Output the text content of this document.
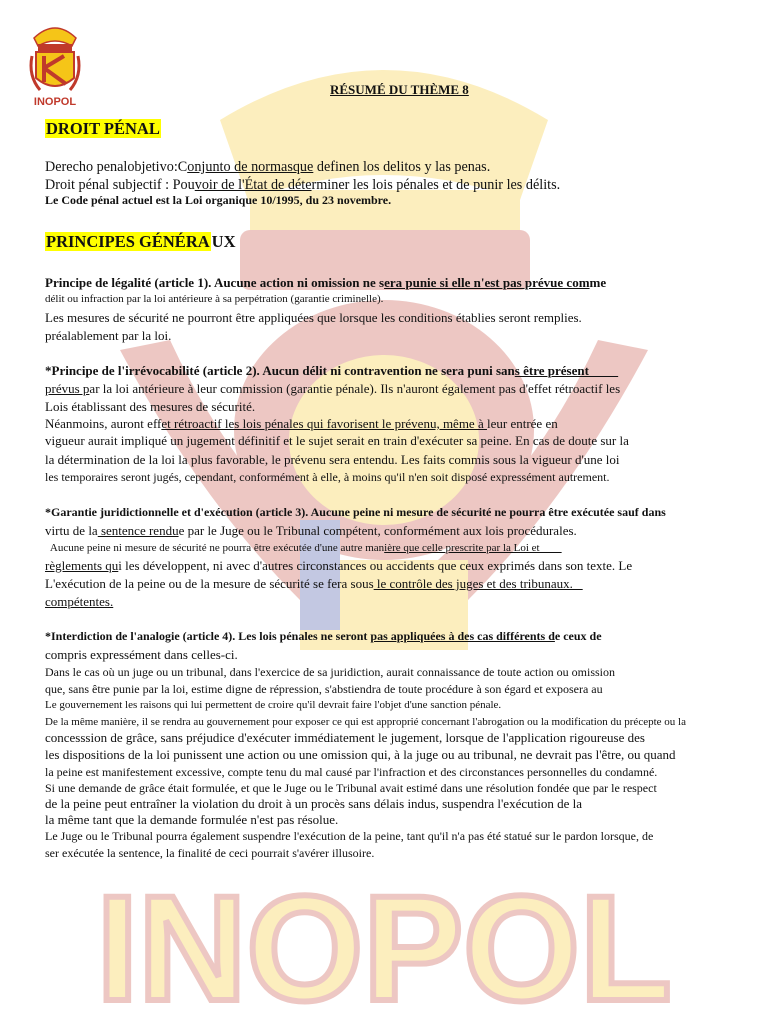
INOPOL
INOPOL
RÉSUMÉ DU THÈME 8
DROIT PÉNAL
Derecho penalobjetivo:Conjunto de normasque definen los delitos y las penas.
Droit pénal subjectif : Pouvoir de l'État de déterminer les lois pénales et de punir les délits.
Le Code pénal actuel est la Loi organique 10/1995, du 23 novembre.
PRINCIPES GÉNÉRA UX
Principe de légalité (article 1). Aucune action ni omission ne sera punie si elle n'est pas prévue comme
délit ou infraction par la loi antérieure à sa perpétration (garantie criminelle).
Les mesures de sécurité ne pourront être appliquées que lorsque les conditions établies seront remplies.
préalablement par la loi.
*Principe de l'irrévocabilité (article 2). Aucun délit ni contravention ne sera puni sans être présent
prévus par la loi antérieure à leur commission (garantie pénale). Ils n'auront également pas d'effet rétroactif les
Lois établissant des mesures de sécurité.
Néanmoins, auront effet rétroactif les lois pénales qui favorisent le prévenu, même à leur entrée en
vigueur aurait impliqué un jugement définitif et le sujet serait en train d'exécuter sa peine. En cas de doute sur la
la détermination de la loi la plus favorable, le prévenu sera entendu. Les faits commis sous la vigueur d'une loi
les temporaires seront jugés, cependant, conformément à elle, à moins qu'il n'en soit disposé expressément autrement.
*Garantie juridictionnelle et d'exécution (article 3). Aucune peine ni mesure de sécurité ne pourra être exécutée sauf dans
virtu de la sentence rendue par le Juge ou le Tribunal compétent, conformément aux lois procédurales.
Aucune peine ni mesure de sécurité ne pourra être exécutée d'une autre manière que celle prescrite par la Loi et
règlements qui les développent, ni avec d'autres circonstances ou accidents que ceux exprimés dans son texte. Le
L'exécution de la peine ou de la mesure de sécurité se fera sous le contrôle des juges et des tribunaux.
compétentes.
*Interdiction de l'analogie (article 4). Les lois pénales ne seront pas appliquées à des cas différents de ceux de
compris expressément dans celles-ci.
Dans le cas où un juge ou un tribunal, dans l'exercice de sa juridiction, aurait connaissance de toute action ou omission
que, sans être punie par la loi, estime digne de répression, s'abstiendra de toute procédure à son égard et exposera au
Le gouvernement les raisons qui lui permettent de croire qu'il devrait faire l'objet d'une sanction pénale.
De la même manière, il se rendra au gouvernement pour exposer ce qui est approprié concernant l'abrogation ou la modification du précepte ou la
concesssion de grâce, sans préjudice d'exécuter immédiatement le jugement, lorsque de l'application rigoureuse des
les dispositions de la loi punissent une action ou une omission qui, à la juge ou au tribunal, ne devrait pas l'être, ou quand
la peine est manifestement excessive, compte tenu du mal causé par l'infraction et des circonstances personnelles du condamné.
Si une demande de grâce était formulée, et que le Juge ou le Tribunal avait estimé dans une résolution fondée que par le respect
de la peine peut entraîner la violation du droit à un procès sans délais indus, suspendra l'exécution de la
la même tant que la demande formulée n'est pas résolue.
Le Juge ou le Tribunal pourra également suspendre l'exécution de la peine, tant qu'il n'a pas été statué sur le pardon lorsque, de
ser exécutée la sentence, la finalité de ceci pourrait s'avérer illusoire.
